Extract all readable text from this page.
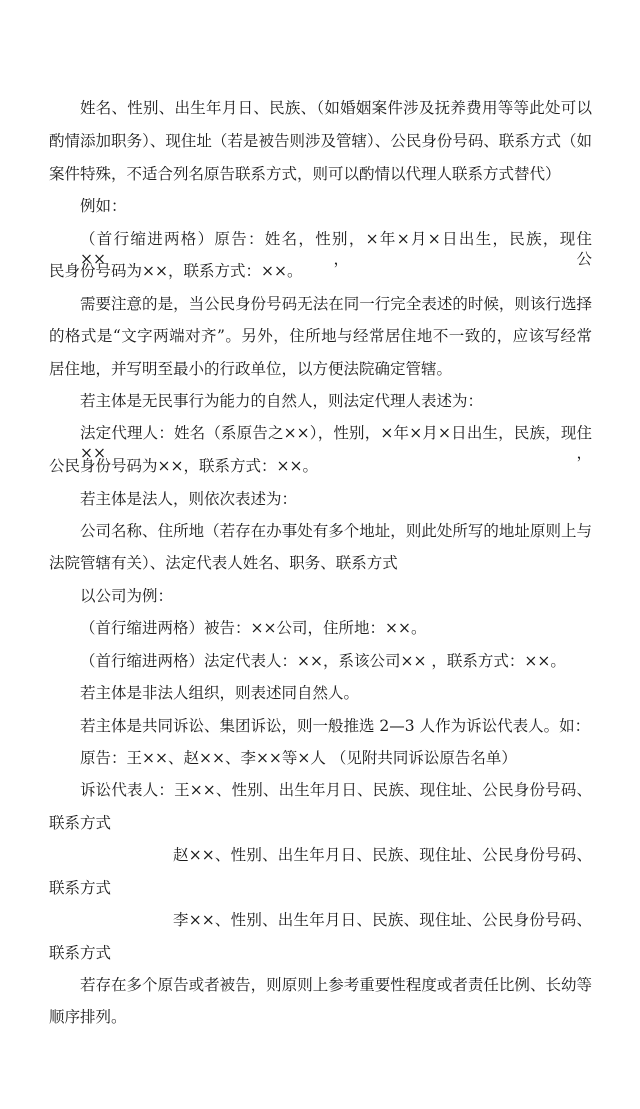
姓名、性别、出生年月日、民族、（如婚姻案件涉及抚养费用等等此处可以
酌情添加职务）、现住址（若是被告则涉及管辖）、公民身份号码、联系方式（如
案件特殊，不适合列名原告联系方式，则可以酌情以代理人联系方式替代）
例如：
（首行缩进两格）原告：姓名，性别，×年×月×日出生，民族，现住××，公
民身份号码为××，联系方式：××。
需要注意的是，当公民身份号码无法在同一行完全表述的时候，则该行选择
的格式是“文字两端对齐”。另外，住所地与经常居住地不一致的，应该写经常
居住地，并写明至最小的行政单位，以方便法院确定管辖。
若主体是无民事行为能力的自然人，则法定代理人表述为：
法定代理人：姓名（系原告之××），性别，×年×月×日出生，民族，现住××，
公民身份号码为××，联系方式：××。
若主体是法人，则依次表述为：
公司名称、住所地（若存在办事处有多个地址，则此处所写的地址原则上与
法院管辖有关）、法定代表人姓名、职务、联系方式
以公司为例：
（首行缩进两格）被告：××公司，住所地：××。
（首行缩进两格）法定代表人：××，系该公司×× ，联系方式：××。
若主体是非法人组织，则表述同自然人。
若主体是共同诉讼、集团诉讼，则一般推选 2—3 人作为诉讼代表人。如：
原告：王××、赵××、李××等×人 （见附共同诉讼原告名单）
诉讼代表人：王××、性别、出生年月日、民族、现住址、公民身份号码、
联系方式
赵××、性别、出生年月日、民族、现住址、公民身份号码、
联系方式
李××、性别、出生年月日、民族、现住址、公民身份号码、
联系方式
若存在多个原告或者被告，则原则上参考重要性程度或者责任比例、长幼等
顺序排列。
